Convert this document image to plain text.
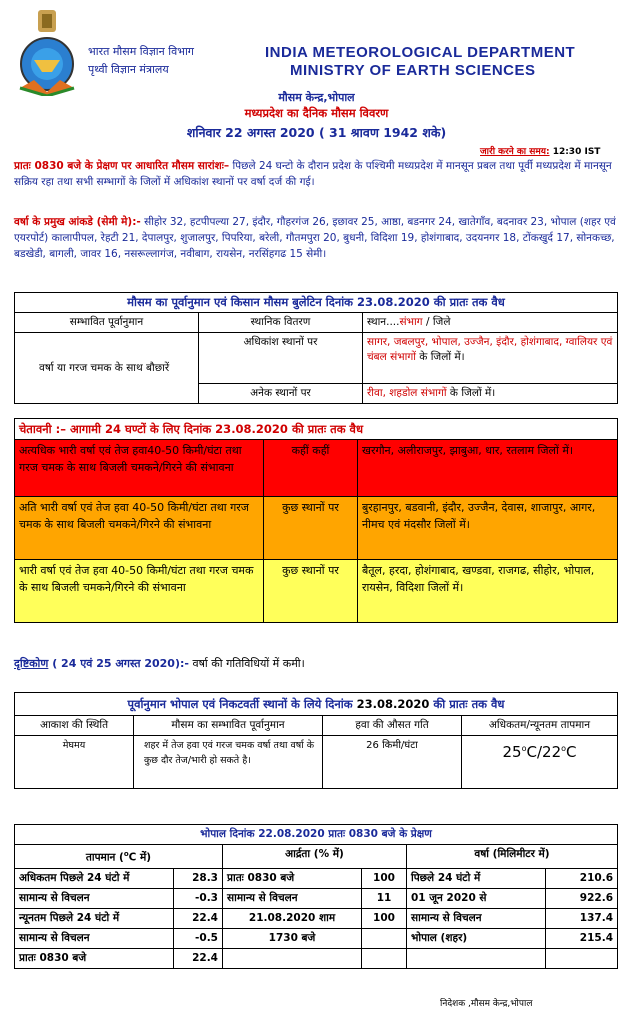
भारत मौसम विज्ञान विभाग
पृथ्वी विज्ञान मंत्रालय
INDIA METEOROLOGICAL DEPARTMENT
MINISTRY OF EARTH SCIENCES
मौसम केन्द्र,भोपाल
मध्यप्रदेश का दैनिक मौसम विवरण
शनिवार 22 अगस्त 2020 ( 31 श्रावण 1942 शके)
जारी करने का समय: 12:30 IST
प्रातः 0830 बजे के प्रेक्षण पर आधारित मौसम सारांशः– पिछले 24 घन्टो के दौरान प्रदेश के पश्चिमी मध्यप्रदेश में मानसून प्रबल तथा पूर्वी मध्यप्रदेश में मानसून सक्रिय रहा तथा सभी सम्भागों के जिलों में अधिकांश स्थानों पर वर्षा दर्ज की गई।
वर्षा के प्रमुख आंकडे (सेमी मे):- सीहोर 32, हटपीपल्या 27, इंदौर, गौहरगंज 26, इछावर 25, आष्ठा, बडनगर 24, खातेगाँव, बदनावर 23, भोपाल (शहर एवं एयरपोर्ट) कालापीपल, रेहटी 21, देपालपुर, शुजालपुर, पिपरिया, बरेली, गौतमपुरा 20, बुधनी, विदिशा 19, होशंगाबाद, उदयनगर 18, टोंकखुर्द 17, सोनकच्छ, बडखेडी, बागली, जावर 16, नसरूल्लागंज, नवीबाग, रायसेन, नरसिंहगढ 15 सेमी।
मौसम का पूर्वानुमान एवं किसान मौसम बुलेटिन दिनांक 23.08.2020 की प्रातः तक वैध		
सम्भावित पूर्वानुमान	स्थानिक वितरण	स्थान....संभाग / जिले
वर्षा या गरज चमक के साथ बौछारें	अधिकांश स्थानों पर	सागर, जबलपुर, भोपाल, उज्जैन, इंदौर, होशंगाबाद, ग्वालियर एवं चंबल संभागों के जिलों में।
	अनेक स्थानों पर	रीवा, शहडोल संभागों के जिलों में।
चेतावनी :– आगामी 24 घण्टों के लिए दिनांक 23.08.2020 की प्रातः तक वैध		
अत्यधिक भारी वर्षा एवं तेज हवा40-50 किमी/घंटा तथा गरज चमक के साथ बिजली चमकने/गिरने की संभावना	कहीं कहीं	खरगौन, अलीराजपुर, झाबुआ, धार, रतलाम जिलों में।
अति भारी वर्षा एवं तेज हवा 40-50 किमी/घंटा तथा गरज चमक के साथ बिजली चमकने/गिरने की संभावना	कुछ स्थानों पर	बुरहानपुर, बडवानी, इंदौर, उज्जैन, देवास, शाजापुर, आगर, नीमच एवं मंदसौर जिलों में।
भारी वर्षा एवं तेज हवा 40-50 किमी/घंटा तथा गरज चमक के साथ बिजली चमकने/गिरने की संभावना	कुछ स्थानों पर	बैतूल, हरदा, होशंगाबाद, खण्डवा, राजगढ, सीहोर, भोपाल, रायसेन, विदिशा जिलों में।
दृष्टिकोण ( 24 एवं 25 अगस्त 2020):- वर्षा की गतिविधियों में कमी।
पूर्वानुमान भोपाल एवं निकटवर्ती स्थानों के लिये दिनांक 23.08.2020 की प्रातः तक वैध			
आकाश की स्थिति	मौसम का सम्भावित पूर्वानुमान	हवा की औसत गति	अधिकतम/न्यूनतम तापमान
मेघमय	शहर में तेज हवा एवं गरज चमक वर्षा तथा वर्षा के कुछ दौर तेज/भारी हो सकते है।	26 किमी/घंटा	25$^o$C/22$^o$C
भोपाल दिनांक 22.08.2020 प्रातः 0830 बजे के प्रेक्षण					
तापमान ($^o$C में)		आर्द्रता (% में)		वर्षा (मिलिमीटर में)	
अधिकतम पिछले 24 घंटो में	28.3	प्रातः 0830 बजे	100	पिछले 24 घंटो में	210.6
सामान्य से विचलन	-0.3	सामान्य से विचलन	11	01 जून 2020 से	922.6
न्यूनतम पिछले 24 घंटो में	22.4	21.08.2020 शाम	100	सामान्य से विचलन	137.4
सामान्य से विचलन	-0.5	1730 बजे		भोपाल (शहर)	215.4
प्रातः 0830 बजे	22.4				
निदेशक ,मौसम केन्द्र,भोपाल
